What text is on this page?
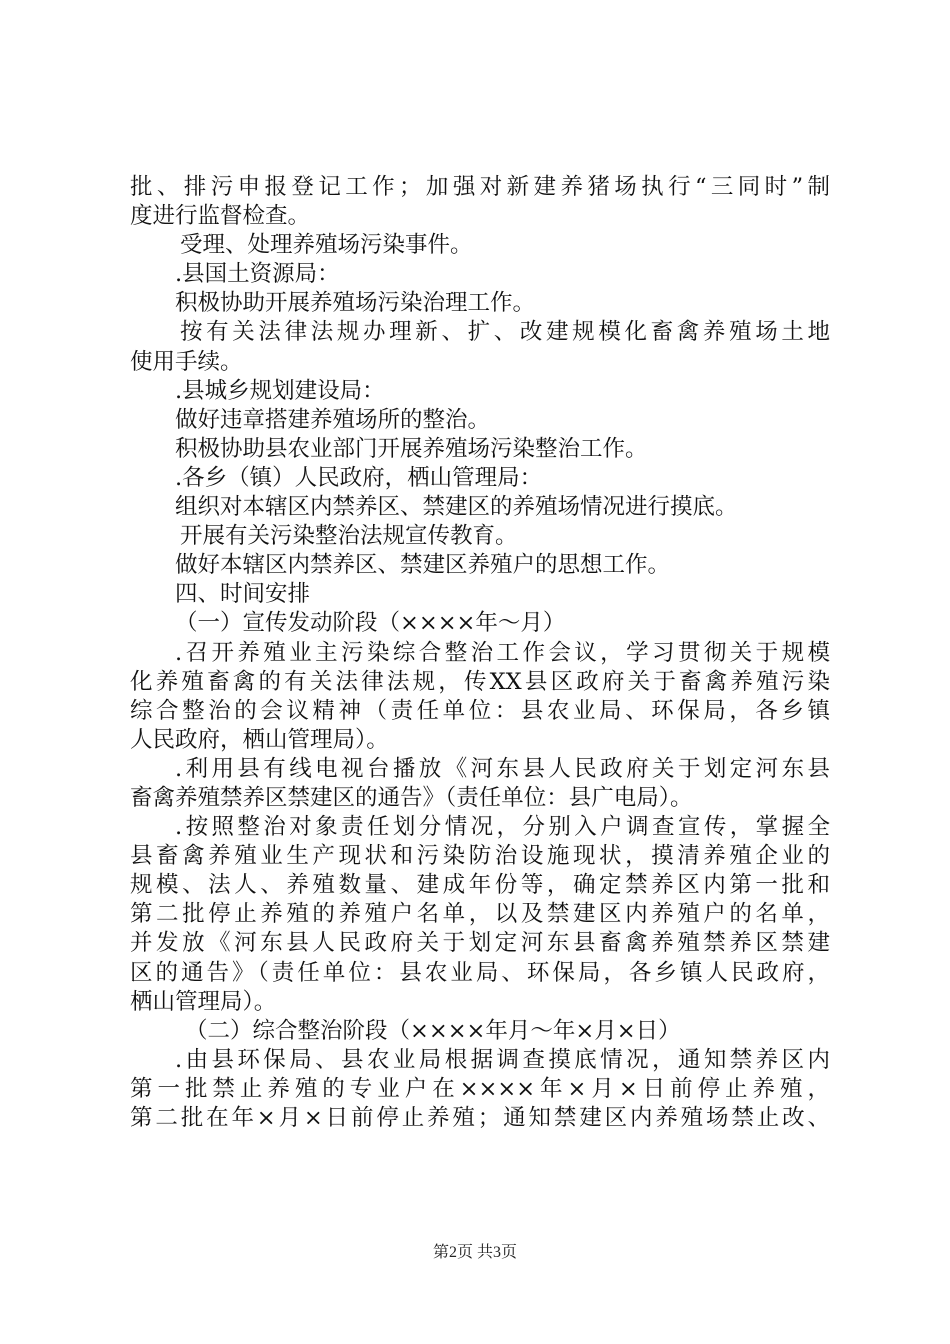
批、排污申报登记工作；加强对新建养猪场执行“三同时”制
度进行监督检查。
受理、处理养殖场污染事件。
.县国土资源局：
积极协助开展养殖场污染治理工作。
按有关法律法规办理新、扩、改建规模化畜禽养殖场土地
使用手续。
.县城乡规划建设局：
做好违章搭建养殖场所的整治。
积极协助县农业部门开展养殖场污染整治工作。
.各乡（镇）人民政府，栖山管理局：
组织对本辖区内禁养区、禁建区的养殖场情况进行摸底。
开展有关污染整治法规宣传教育。
做好本辖区内禁养区、禁建区养殖户的思想工作。
四、时间安排
（一）宣传发动阶段（××××年～月）
.召开养殖业主污染综合整治工作会议，学习贯彻关于规模
化养殖畜禽的有关法律法规，传XX县区政府关于畜禽养殖污染
综合整治的会议精神（责任单位：县农业局、环保局，各乡镇
人民政府，栖山管理局）。
.利用县有线电视台播放《河东县人民政府关于划定河东县
畜禽养殖禁养区禁建区的通告》（责任单位：县广电局）。
.按照整治对象责任划分情况，分别入户调查宣传，掌握全
县畜禽养殖业生产现状和污染防治设施现状，摸清养殖企业的
规模、法人、养殖数量、建成年份等，确定禁养区内第一批和
第二批停止养殖的养殖户名单，以及禁建区内养殖户的名单，
并发放《河东县人民政府关于划定河东县畜禽养殖禁养区禁建
区的通告》（责任单位：县农业局、环保局，各乡镇人民政府，
栖山管理局）。
（二）综合整治阶段（××××年月～年×月×日）
.由县环保局、县农业局根据调查摸底情况，通知禁养区内
第一批禁止养殖的专业户在××××年×月×日前停止养殖，
第二批在年×月×日前停止养殖；通知禁建区内养殖场禁止改、
第2页 共3页
